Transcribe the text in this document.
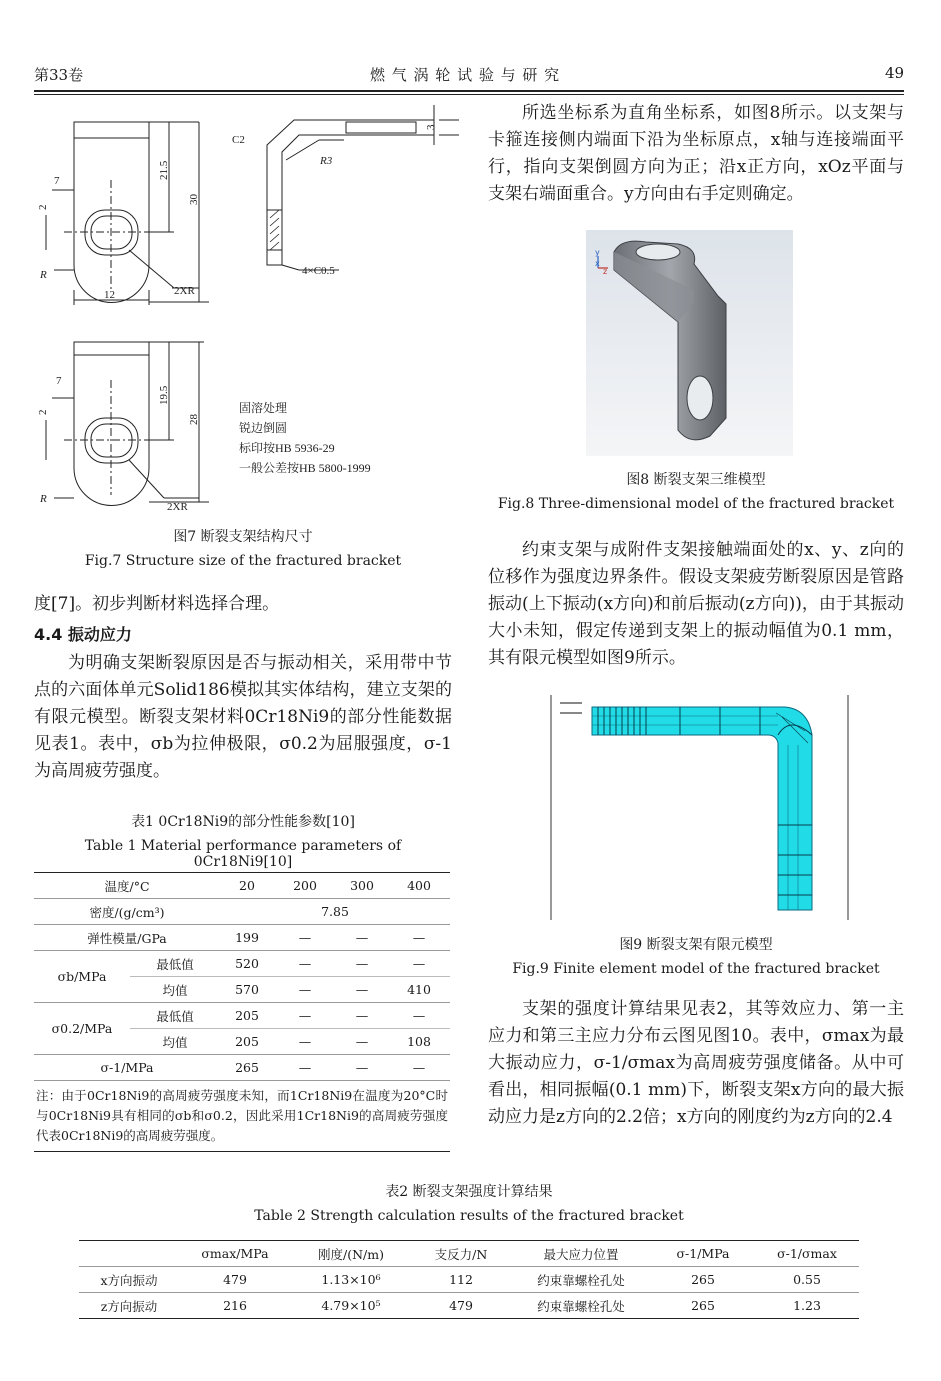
第33卷	燃 气 涡 轮 试 验 与 研 究	49
C2
R3
7
21.5
30
2
R
12	2XR
3
4×C0.5
7
19.5
28
2
R
2XR
固溶处理
锐边倒圆
标印按HB 5936-29
一般公差按HB 5800-1999
图7 断裂支架结构尺寸
Fig.7 Structure size of the fractured bracket
度[7]。初步判断材料选择合理。
4.4 振动应力
为明确支架断裂原因是否与振动相关，采用带中节点的六面体单元Solid186模拟其实体结构，建立支架的有限元模型。断裂支架材料0Cr18Ni9的部分性能数据见表1。表中，σb为拉伸极限，σ0.2为屈服强度，σ-1为高周疲劳强度。
表1 0Cr18Ni9的部分性能参数[10]
Table 1 Material performance parameters of 0Cr18Ni9[10]
温度/°C		20	200	300	400
密度/(g/cm³)		7.85			
弹性模量/GPa		199	—	—	—
σb/MPa	最低值	520	—	—	—
	均值	570	—	—	410
σ0.2/MPa	最低值	205	—	—	—
	均值	205	—	—	108
σ-1/MPa		265	—	—	—
注：由于0Cr18Ni9的高周疲劳强度未知，而1Cr18Ni9在温度为20°C时与0Cr18Ni9具有相同的σb和σ0.2，因此采用1Cr18Ni9的高周疲劳强度代表0Cr18Ni9的高周疲劳强度。
所选坐标系为直角坐标系，如图8所示。以支架与卡箍连接侧内端面下沿为坐标原点，x轴与连接端面平行，指向支架倒圆方向为正；沿x正方向，xOz平面与支架右端面重合。y方向由右手定则确定。
y
x
z
图8 断裂支架三维模型
Fig.8 Three-dimensional model of the fractured bracket
约束支架与成附件支架接触端面处的x、y、z向的位移作为强度边界条件。假设支架疲劳断裂原因是管路振动(上下振动(x方向)和前后振动(z方向))，由于其振动大小未知，假定传递到支架上的振动幅值为0.1 mm，其有限元模型如图9所示。
图9 断裂支架有限元模型
Fig.9 Finite element model of the fractured bracket
支架的强度计算结果见表2，其等效应力、第一主应力和第三主应力分布云图见图10。表中，σmax为最大振动应力，σ-1/σmax为高周疲劳强度储备。从中可看出，相同振幅(0.1 mm)下，断裂支架x方向的最大振动应力是z方向的2.2倍；x方向的刚度约为z方向的2.4
表2 断裂支架强度计算结果
Table 2 Strength calculation results of the fractured bracket
	σmax/MPa	刚度/(N/m)	支反力/N	最大应力位置	σ-1/MPa	σ-1/σmax
x方向振动	479	1.13×10⁶	112	约束靠螺栓孔处	265	0.55
z方向振动	216	4.79×10⁵	479	约束靠螺栓孔处	265	1.23
